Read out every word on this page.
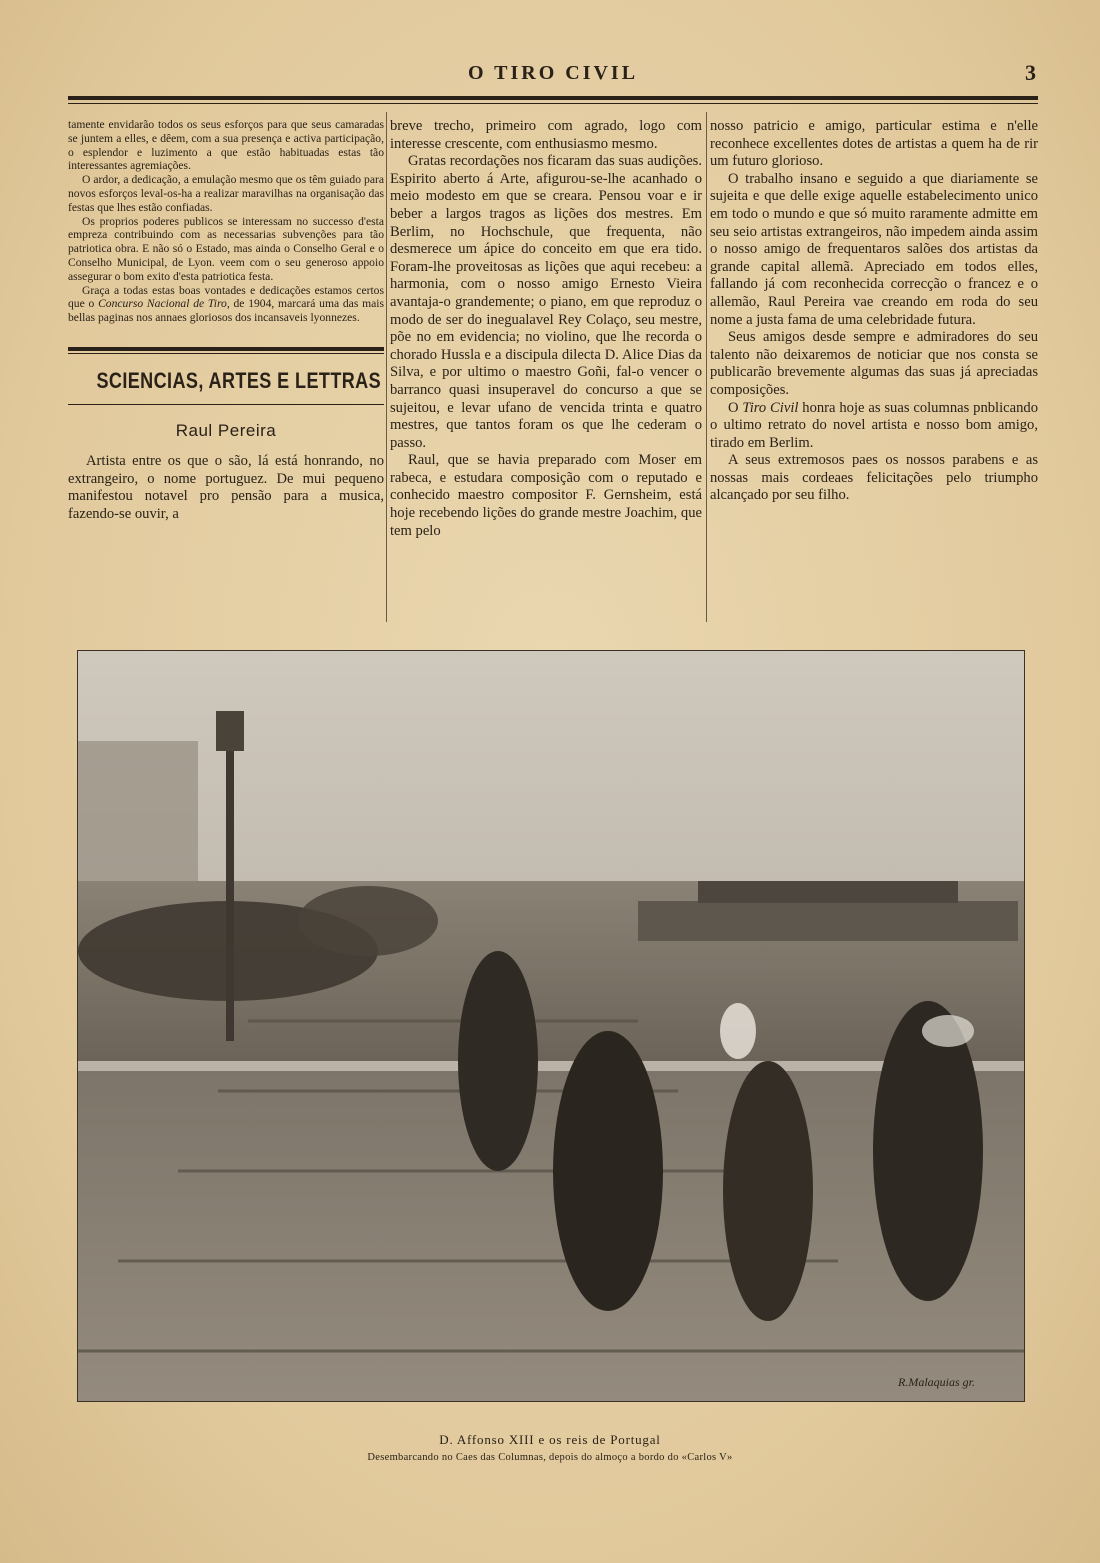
O TIRO CIVIL	3

tamente envidarão todos os seus esforços para que seus camaradas se juntem a elles, e dêem, com a sua presença e activa participação, o esplendor e luzimento a que estão habituadas estas tão interessantes agremiações.

O ardor, a dedicação, a emulação mesmo que os têm guiado para novos esforços leval-os-ha a realizar maravilhas na organisação das festas que lhes estão confiadas.

Os proprios poderes publicos se interessam no successo d'esta empreza contribuindo com as necessarias subvenções para tão patriotica obra. E não só o Estado, mas ainda o Conselho Geral e o Conselho Municipal, de Lyon. veem com o seu generoso appoio assegurar o bom exito d'esta patriotica festa.

Graça a todas estas boas vontades e dedicações estamos certos que o Concurso Nacional de Tiro, de 1904, marcará uma das mais bellas paginas nos annaes gloriosos dos incansaveis lyonnezes.

SCIENCIAS, ARTES E LETTRAS
Raul Pereira

Artista entre os que o são, lá está honrando, no extrangeiro, o nome portuguez. De mui pequeno manifestou notavel pro pensão para a musica, fazendo-se ouvir, a

breve trecho, primeiro com agrado, logo com interesse crescente, com enthusiasmo mesmo.

Gratas recordações nos ficaram das suas audições. Espirito aberto á Arte, afigurou-se-lhe acanhado o meio modesto em que se creara. Pensou voar e ir beber a largos tragos as lições dos mestres. Em Berlim, no Hochschule, que frequenta, não desmerece um ápice do conceito em que era tido. Foram-lhe proveitosas as lições que aqui recebeu: a harmonia, com o nosso amigo Ernesto Vieira avantaja-o grandemente; o piano, em que reproduz o modo de ser do inegualavel Rey Colaço, seu mestre, põe no em evidencia; no violino, que lhe recorda o chorado Hussla e a discipula dilecta D. Alice Dias da Silva, e por ultimo o maestro Goñi, fal-o vencer o barranco quasi insuperavel do concurso a que se sujeitou, e levar ufano de vencida trinta e quatro mestres, que tantos foram os que lhe cederam o passo.

Raul, que se havia preparado com Moser em rabeca, e estudara composição com o reputado e conhecido maestro compositor F. Gernsheim, está hoje recebendo lições do grande mestre Joachim, que tem pelo

nosso patricio e amigo, particular estima e n'elle reconhece excellentes dotes de artistas a quem ha de rir um futuro glorioso.

O trabalho insano e seguido a que diariamente se sujeita e que delle exige aquelle estabelecimento unico em todo o mundo e que só muito raramente admitte em seu seio artistas extrangeiros, não impedem ainda assim o nosso amigo de frequentaros salões dos artistas da grande capital allemã. Apreciado em todos elles, fallando já com reconhecida correcção o francez e o allemão, Raul Pereira vae creando em roda do seu nome a justa fama de uma celebridade futura.

Seus amigos desde sempre e admiradores do seu talento não deixaremos de noticiar que nos consta se publicarão brevemente algumas das suas já apreciadas composições.

O Tiro Civil honra hoje as suas columnas pnblicando o ultimo retrato do novel artista e nosso bom amigo, tirado em Berlim.

A seus extremosos paes os nossos parabens e as nossas mais cordeaes felicitações pelo triumpho alcançado por seu filho.

R.Malaquias gr.
D. Affonso XIII e os reis de Portugal
Desembarcando no Caes das Columnas, depois do almoço a bordo do «Carlos V»
